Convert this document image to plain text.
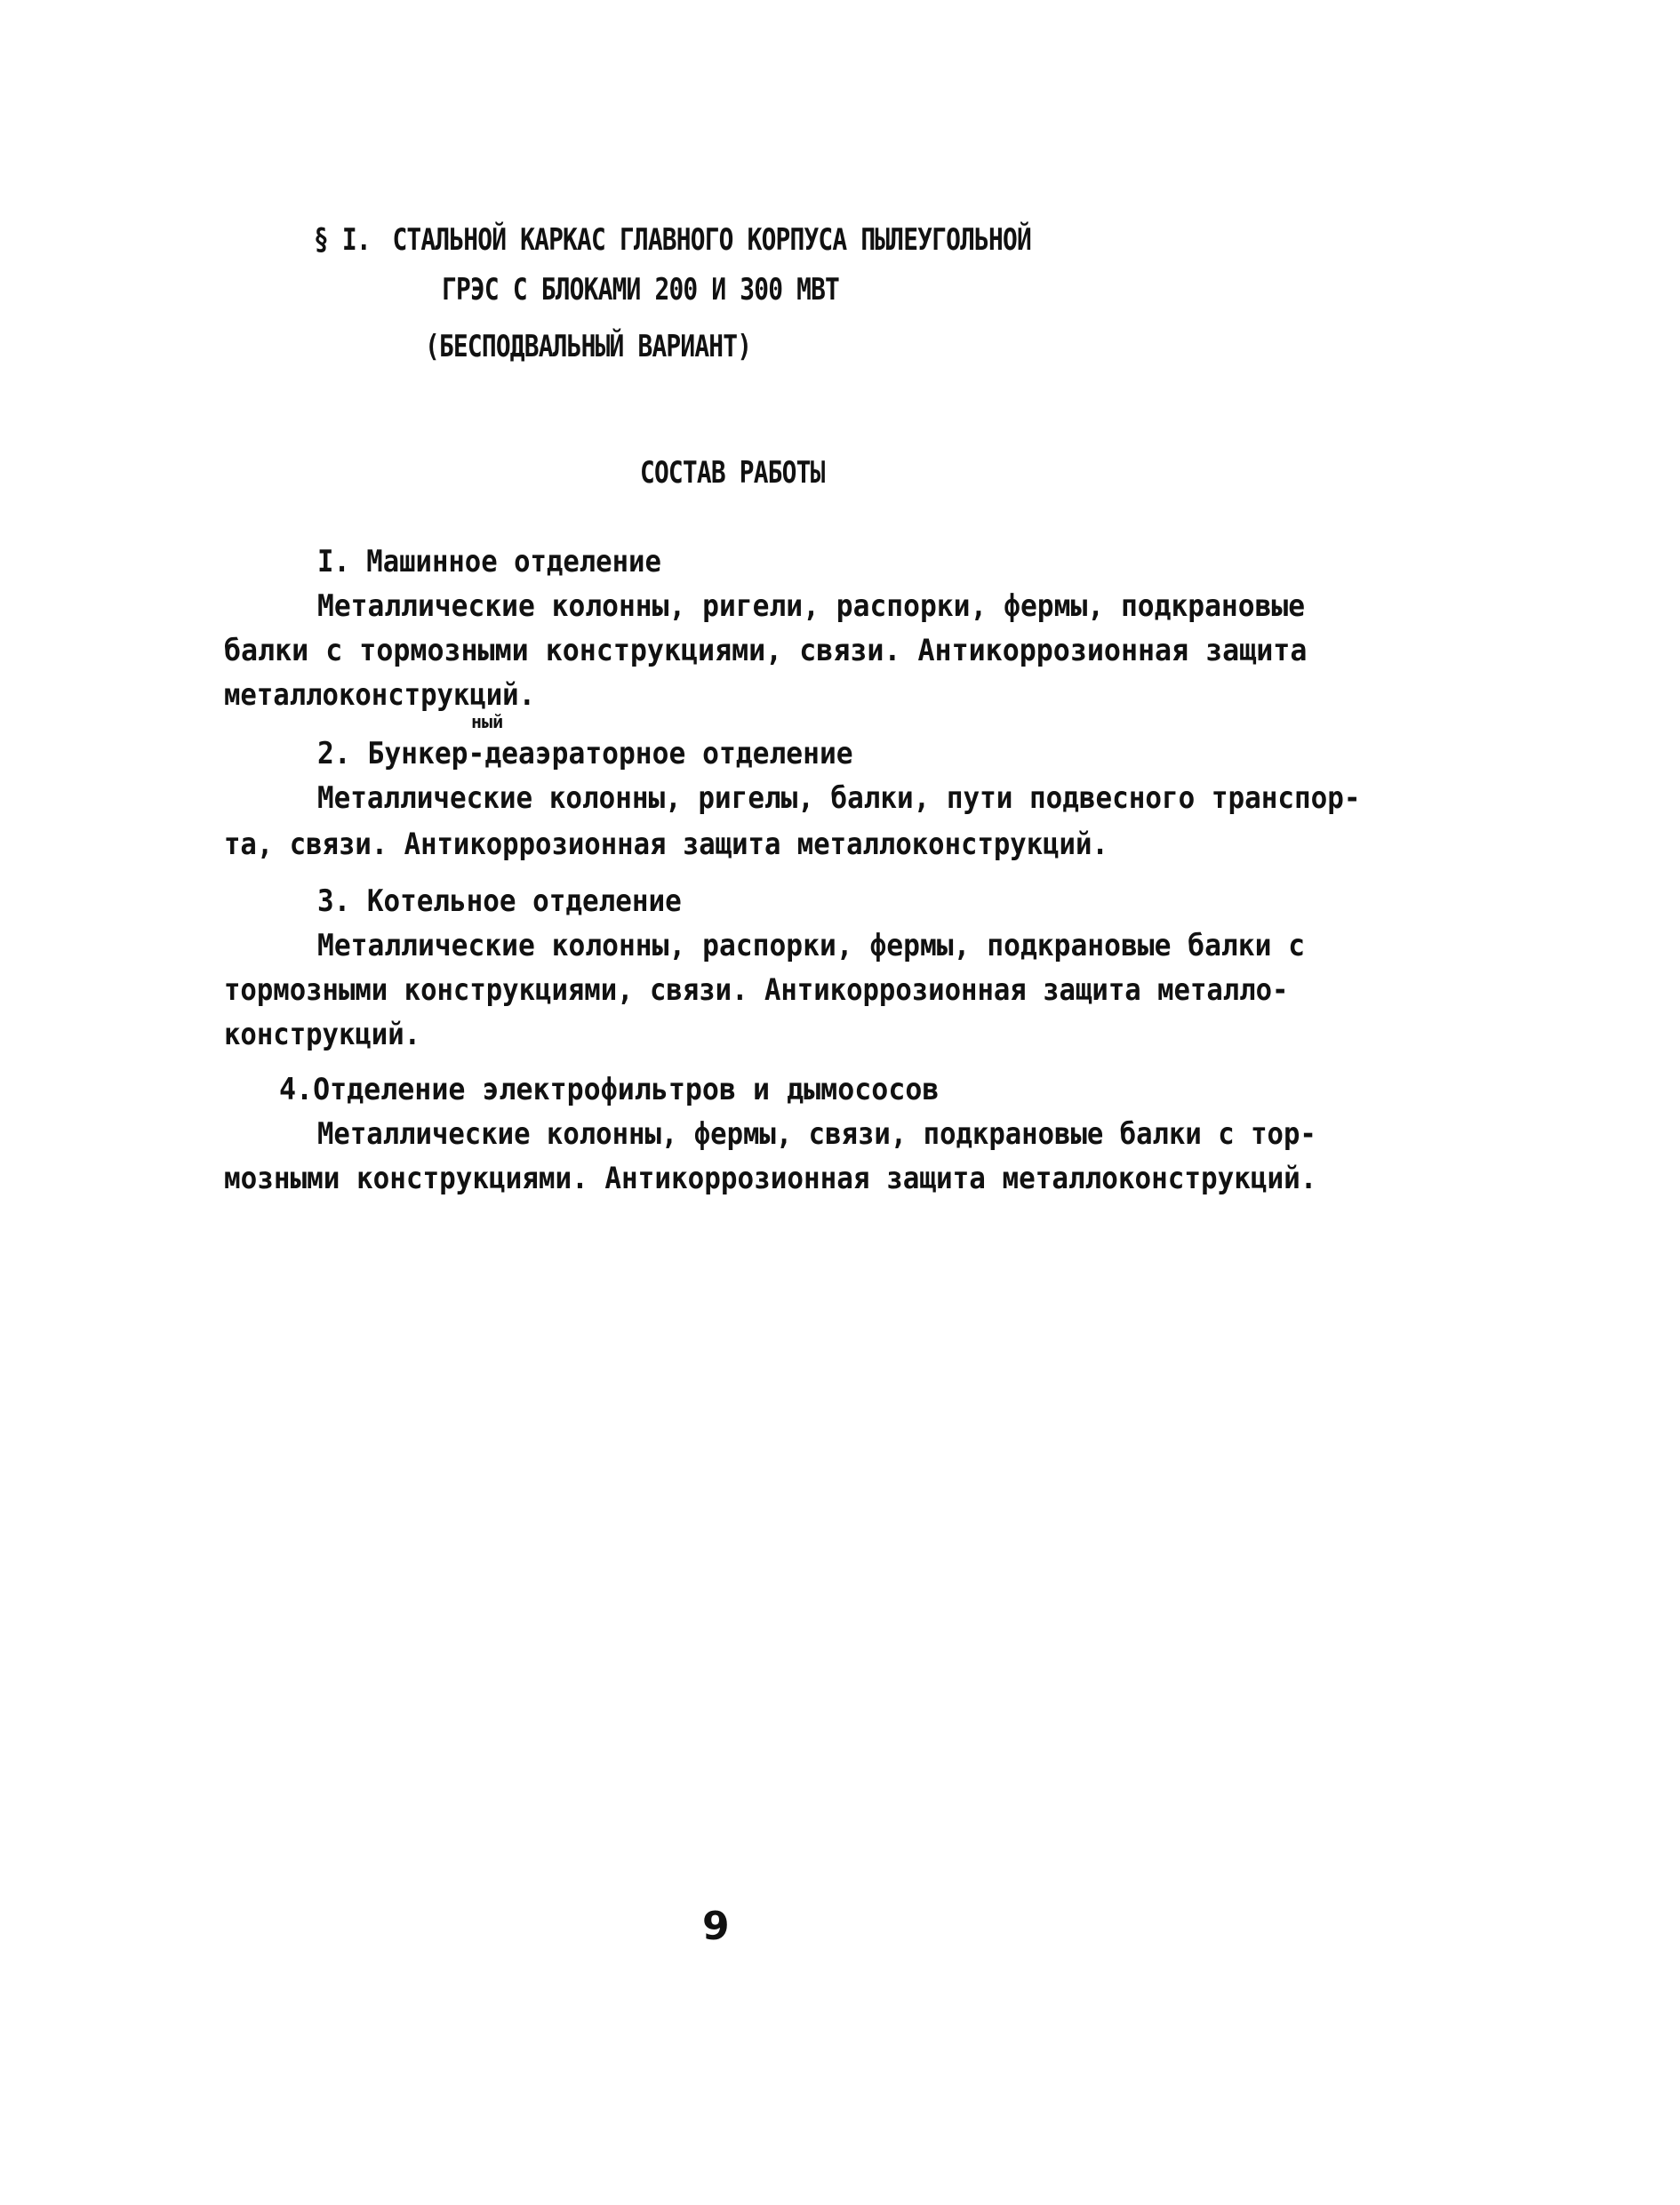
§ I. СТАЛЬНОЙ КАРКАС ГЛАВНОГО КОРПУСА ПЫЛЕУГОЛЬНОЙ
ГРЭС С БЛОКАМИ 200 И 300 МВТ
(БЕСПОДВАЛЬНЫЙ ВАРИАНТ)
СОСТАВ РАБОТЫ
I. Машинное отделение
Металлические колонны, ригели, распорки, фермы, подкрановые
балки с тормозными конструкциями, связи. Антикоррозионная защита
металлоконструкций.
ный
2. Бункер-деаэраторное отделение
Металлические колонны, ригелы, балки, пути подвесного транспор-
та, связи. Антикоррозионная защита металлоконструкций.
3. Котельное отделение
Металлические колонны, распорки, фермы, подкрановые балки с
тормозными конструкциями, связи. Антикоррозионная защита металло-
конструкций.
4.Отделение электрофильтров и дымососов
Металлические колонны, фермы, связи, подкрановые балки с тор-
мозными конструкциями. Антикоррозионная защита металлоконструкций.
9
